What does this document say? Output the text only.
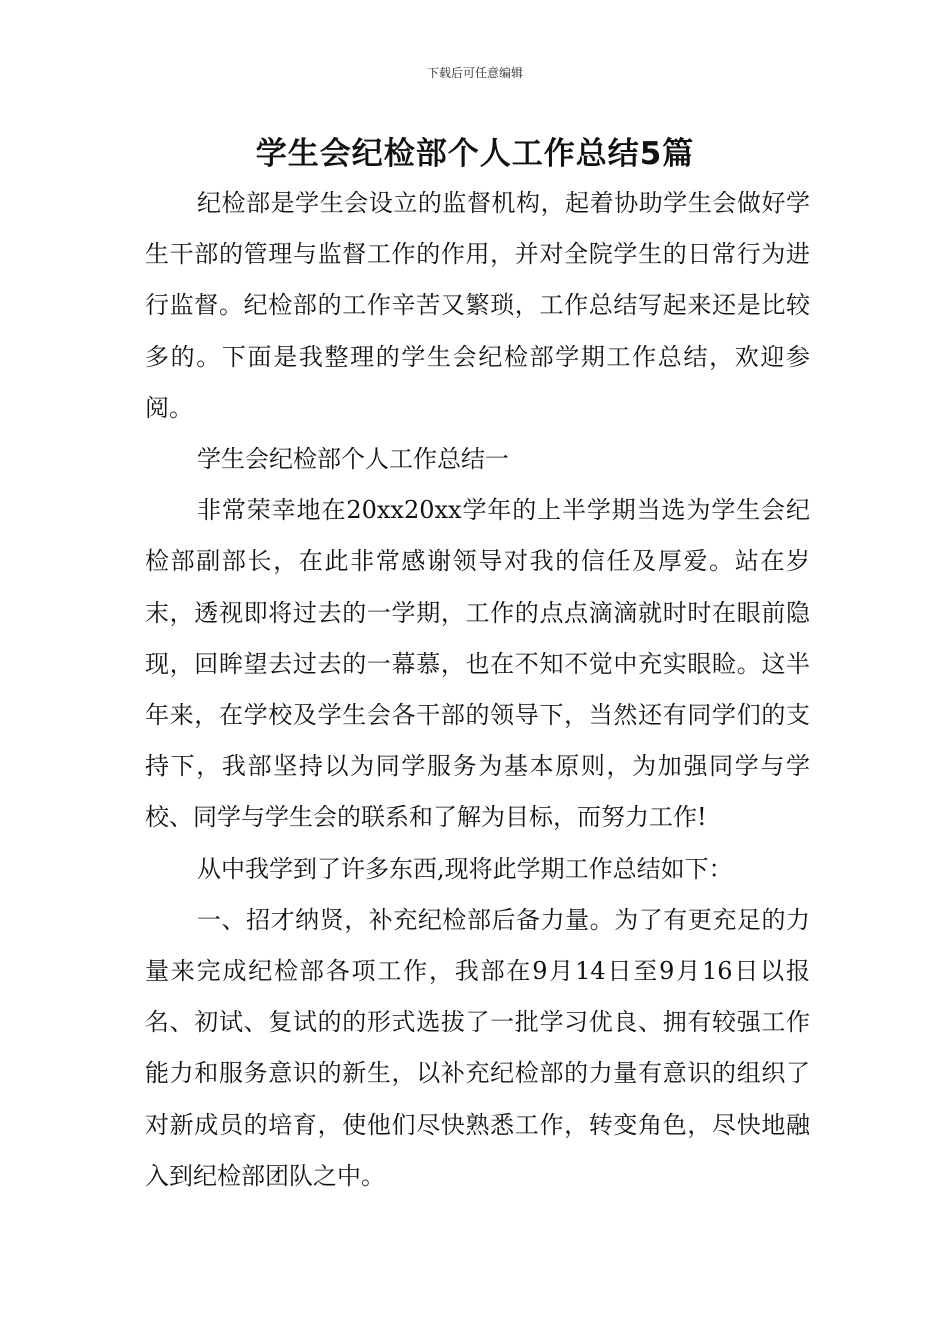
下载后可任意编辑
学生会纪检部个人工作总结5篇

纪检部是学生会设立的监督机构，起着协助学生会做好学生干部的管理与监督工作的作用，并对全院学生的日常行为进行监督。纪检部的工作辛苦又繁琐，工作总结写起来还是比较多的。下面是我整理的学生会纪检部学期工作总结，欢迎参阅。

学生会纪检部个人工作总结一

非常荣幸地在20xx20xx学年的上半学期当选为学生会纪检部副部长，在此非常感谢领导对我的信任及厚爱。站在岁末，透视即将过去的一学期，工作的点点滴滴就时时在眼前隐现，回眸望去过去的一幕慕，也在不知不觉中充实眼睑。这半年来，在学校及学生会各干部的领导下，当然还有同学们的支持下，我部坚持以为同学服务为基本原则，为加强同学与学校、同学与学生会的联系和了解为目标，而努力工作!

从中我学到了许多东西,现将此学期工作总结如下：

一、招才纳贤，补充纪检部后备力量。为了有更充足的力量来完成纪检部各项工作，我部在9月14日至9月16日以报名、初试、复试的的形式选拔了一批学习优良、拥有较强工作能力和服务意识的新生，以补充纪检部的力量有意识的组织了对新成员的培育，使他们尽快熟悉工作，转变角色，尽快地融入到纪检部团队之中。
